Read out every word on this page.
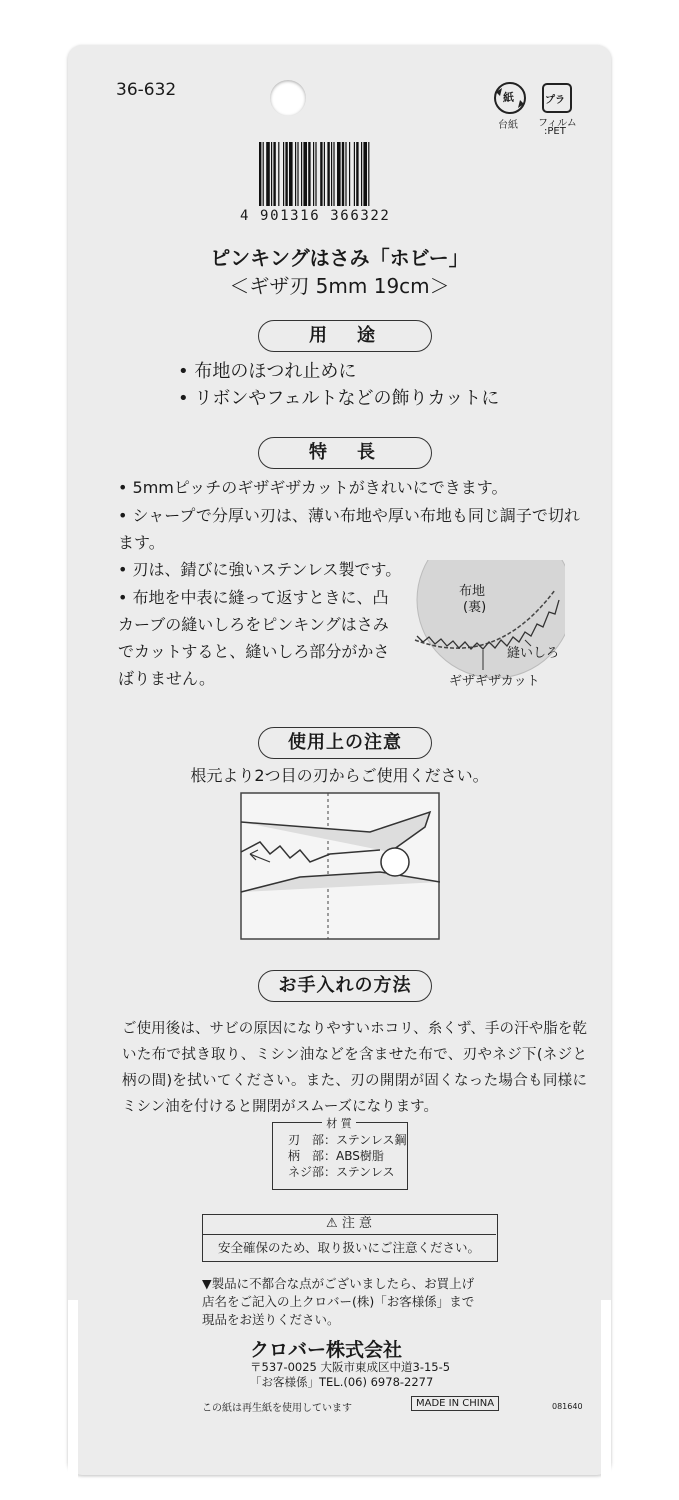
36-632	紙	プラ
台紙 フィルム
:PET
4 901316 366322
ピンキングはさみ「ホビー」
＜ギザ刃 5mm 19cm＞
用　途
• 布地のほつれ止めに
• リボンやフェルトなどの飾りカットに
特　長
• 5mmピッチのギザギザカットがきれいにできます。
• シャープで分厚い刃は、薄い布地や厚い布地も同じ調子で切れます。
• 刃は、錆びに強いステンレス製です。
• 布地を中表に縫って返すときに、凸カーブの縫いしろをピンキングはさみでカットすると、縫いしろ部分がかさばりません。
布地
(裏)
縫いしろ
ギザギザカット
使用上の注意
根元より2つ目の刃からご使用ください。
お手入れの方法
ご使用後は、サビの原因になりやすいホコリ、糸くず、手の汗や脂を乾いた布で拭き取り、ミシン油などを含ませた布で、刃やネジ下(ネジと柄の間)を拭いてください。また、刃の開閉が固くなった場合も同様にミシン油を付けると開閉がスムーズになります。
材 質
刃　部：ステンレス鋼
柄　部：ABS樹脂
ネジ部：ステンレス
⚠ 注 意
安全確保のため、取り扱いにご注意ください。
▼製品に不都合な点がございましたら、お買上げ
店名をご記入の上クロバー(株)「お客様係」まで
現品をお送りください。
クロバー株式会社
〒537-0025 大阪市東成区中道3-15-5
「お客様係」TEL.(06) 6978-2277
この紙は再生紙を使用しています	MADE IN CHINA	081640
